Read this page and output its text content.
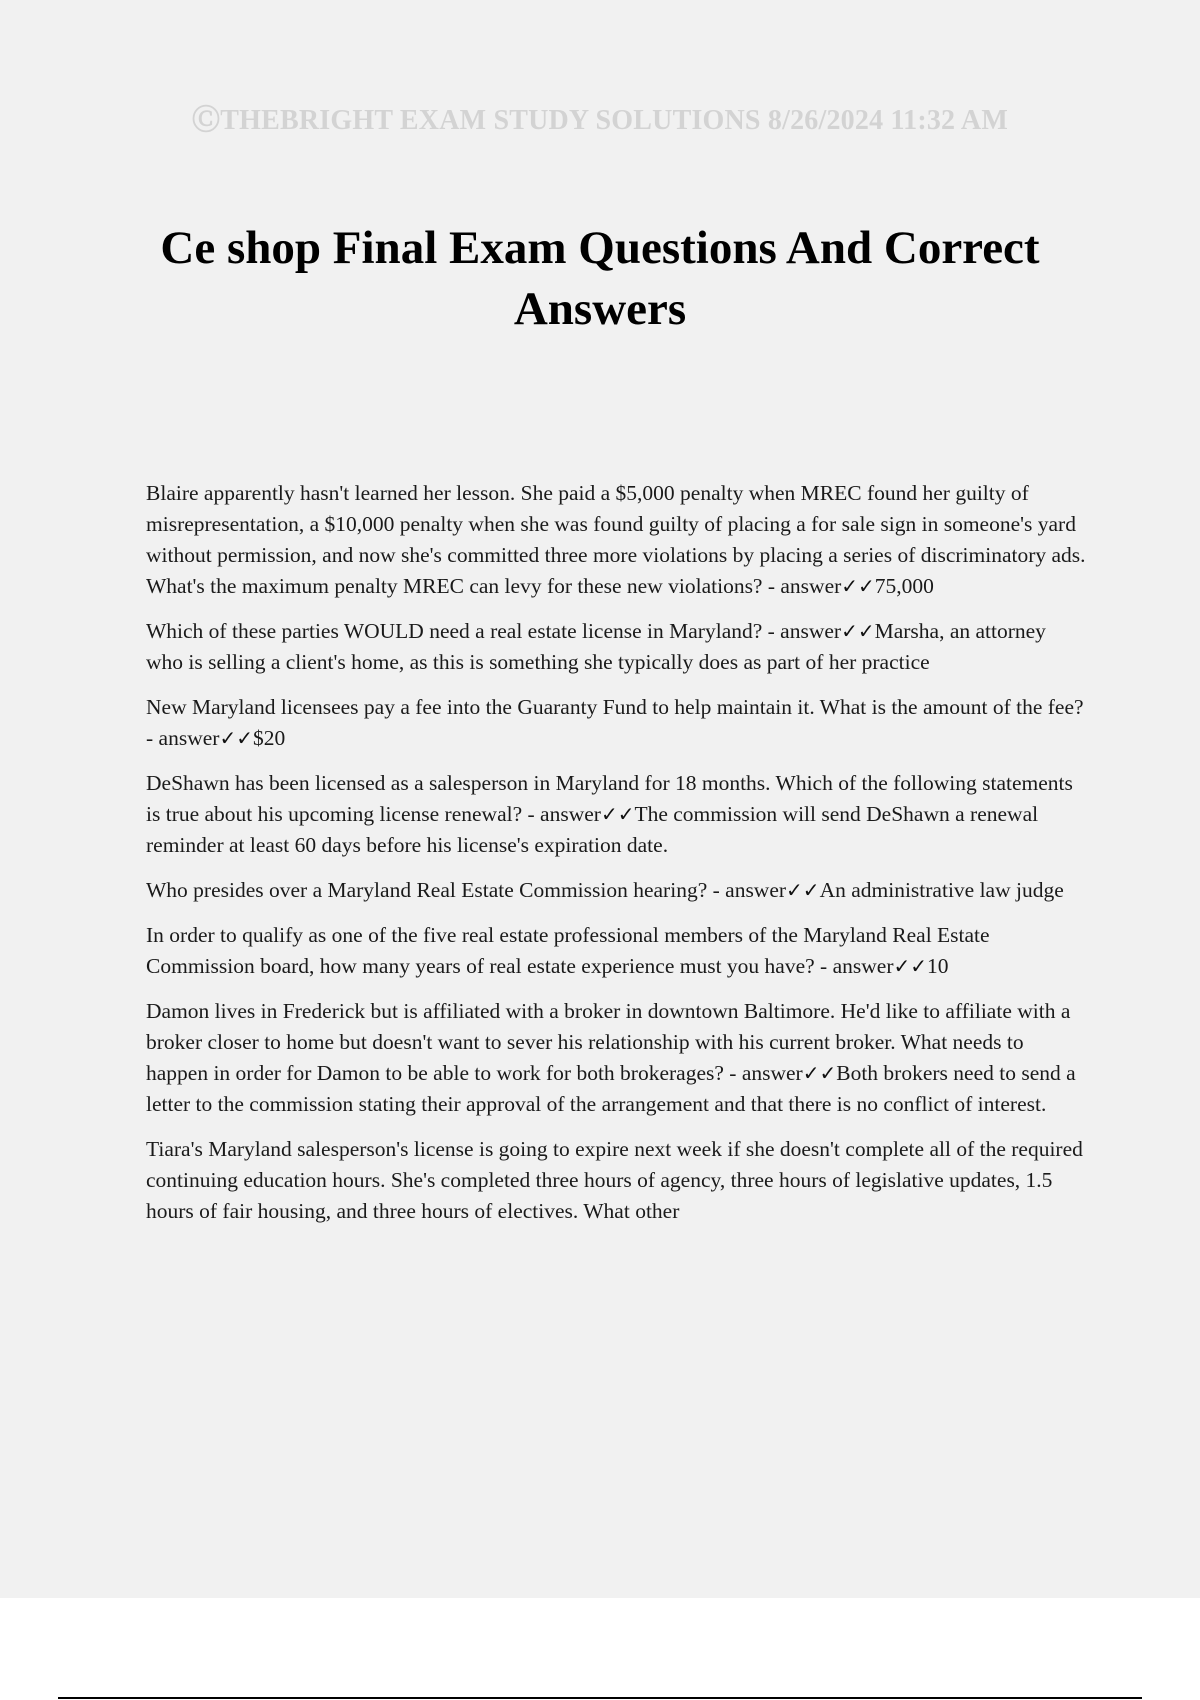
ⒸTHEBRIGHT EXAM STUDY SOLUTIONS 8/26/2024 11:32 AM
Ce shop Final Exam Questions And Correct Answers

Blaire apparently hasn't learned her lesson. She paid a $5,000 penalty when MREC found her guilty of misrepresentation, a $10,000 penalty when she was found guilty of placing a for sale sign in someone's yard without permission, and now she's committed three more violations by placing a series of discriminatory ads. What's the maximum penalty MREC can levy for these new violations? - answer✓✓75,000

Which of these parties WOULD need a real estate license in Maryland? - answer✓✓Marsha, an attorney who is selling a client's home, as this is something she typically does as part of her practice

New Maryland licensees pay a fee into the Guaranty Fund to help maintain it. What is the amount of the fee? - answer✓✓$20

DeShawn has been licensed as a salesperson in Maryland for 18 months. Which of the following statements is true about his upcoming license renewal? - answer✓✓The commission will send DeShawn a renewal reminder at least 60 days before his license's expiration date.

Who presides over a Maryland Real Estate Commission hearing? - answer✓✓An administrative law judge

In order to qualify as one of the five real estate professional members of the Maryland Real Estate Commission board, how many years of real estate experience must you have? - answer✓✓10

Damon lives in Frederick but is affiliated with a broker in downtown Baltimore. He'd like to affiliate with a broker closer to home but doesn't want to sever his relationship with his current broker. What needs to happen in order for Damon to be able to work for both brokerages? - answer✓✓Both brokers need to send a letter to the commission stating their approval of the arrangement and that there is no conflict of interest.

Tiara's Maryland salesperson's license is going to expire next week if she doesn't complete all of the required continuing education hours. She's completed three hours of agency, three hours of legislative updates, 1.5 hours of fair housing, and three hours of electives. What other
